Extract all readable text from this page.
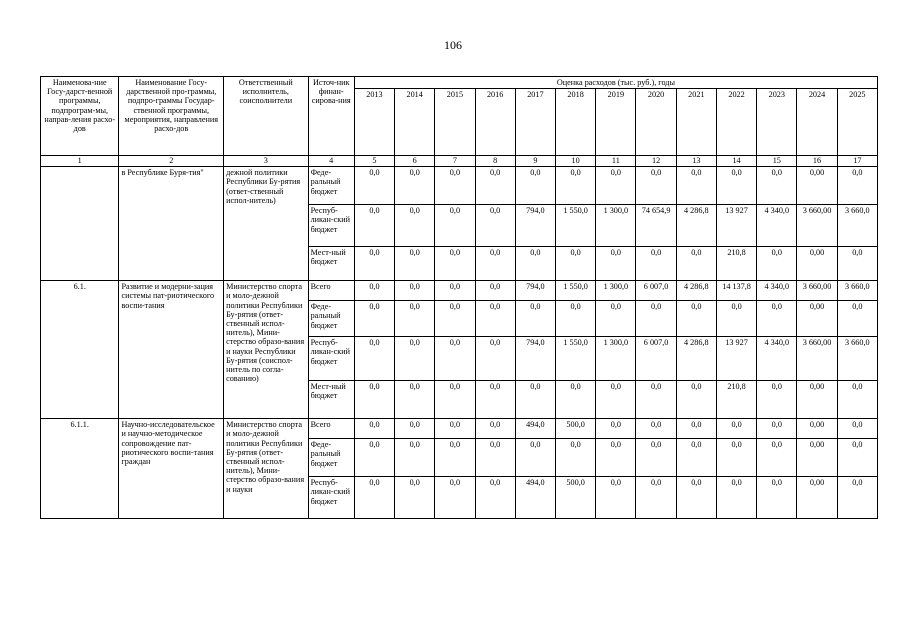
106
Наименова-ние Госу-дарст-венной программы, подпрограм-мы, направ-ления расхо-дов	Наименование Госу-дарственной про-граммы, подпро-граммы Государ-ственной программы, мероприятия, направления расхо-дов	Ответственный исполнитель, соисполнители	Источ-ник финан-сирова-ния	Оценка расходов (тыс. руб.), годы												
				2013	2014	2015	2016	2017	2018	2019	2020	2021	2022	2023	2024	2025
1	2	3	4	5	6	7	8	9	10	11	12	13	14	15	16	17
	в Республике Буря-тия"	дежной политики Республики Бу-рятия (ответ-ственный испол-нитель)	Феде-ральный бюджет	0,0	0,0	0,0	0,0	0,0	0,0	0,0	0,0	0,0	0,0	0,0	0,00	0,0
			Респуб-ликан-ский бюджет	0,0	0,0	0,0	0,0	794,0	1 550,0	1 300,0	74 654,9	4 286,8	13 927	4 340,0	3 660,00	3 660,0
			Мест-ный бюджет	0,0	0,0	0,0	0,0	0,0	0,0	0,0	0,0	0,0	210,8	0,0	0,00	0,0
6.1.	Развитие и модерни-зация системы пат-риотического воспи-тания	Министерство спорта и моло-дежной политики Республики Бу-рятия (ответ-ственный испол-нитель), Мини-стерство образо-вания и науки Республики Бу-рятия (соиспол-нитель по согла-сованию)	Всего	0,0	0,0	0,0	0,0	794,0	1 550,0	1 300,0	6 007,0	4 286,8	14 137,8	4 340,0	3 660,00	3 660,0
			Феде-ральный бюджет	0,0	0,0	0,0	0,0	0,0	0,0	0,0	0,0	0,0	0,0	0,0	0,00	0,0
			Респуб-ликан-ский бюджет	0,0	0,0	0,0	0,0	794,0	1 550,0	1 300,0	6 007,0	4 286,8	13 927	4 340,0	3 660,00	3 660,0
			Мест-ный бюджет	0,0	0,0	0,0	0,0	0,0	0,0	0,0	0,0	0,0	210,8	0,0	0,00	0,0
6.1.1.	Научно-исследовательское и научно-методическое сопровождение пат-риотического воспи-тания граждан	Министерство спорта и моло-дежной политики Республики Бу-рятия (ответ-ственный испол-нитель), Мини-стерство образо-вания и науки	Всего	0,0	0,0	0,0	0,0	494,0	500,0	0,0	0,0	0,0	0,0	0,0	0,00	0,0
			Феде-ральный бюджет	0,0	0,0	0,0	0,0	0,0	0,0	0,0	0,0	0,0	0,0	0,0	0,00	0,0
			Респуб-ликан-ский бюджет	0,0	0,0	0,0	0,0	494,0	500,0	0,0	0,0	0,0	0,0	0,0	0,00	0,0
